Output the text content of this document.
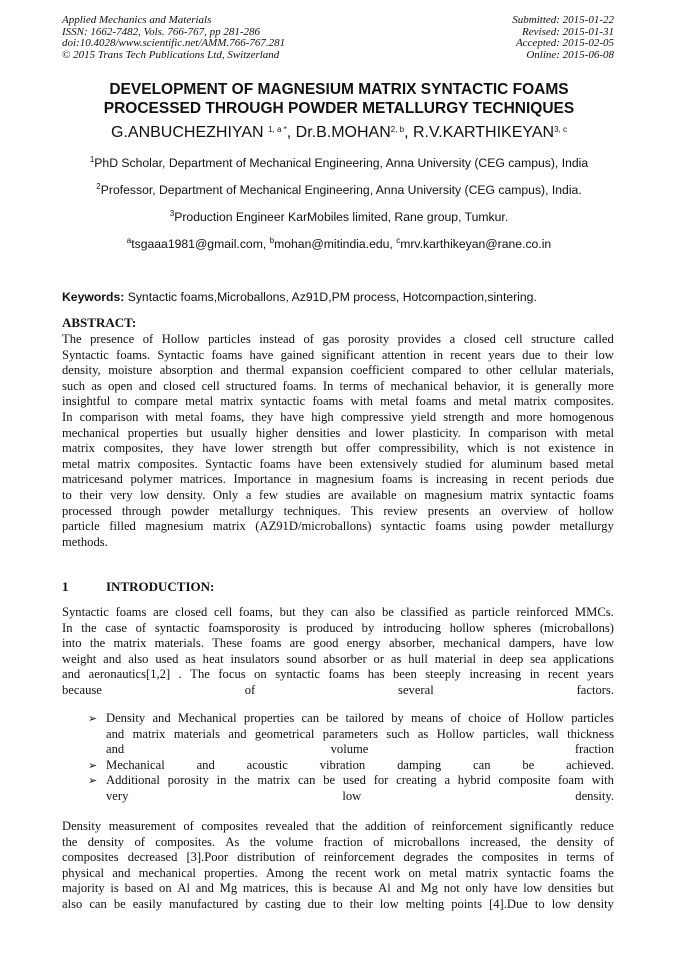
Applied Mechanics and Materials
ISSN: 1662-7482, Vols. 766-767, pp 281-286
doi:10.4028/www.scientific.net/AMM.766-767.281
© 2015 Trans Tech Publications Ltd, Switzerland
Submitted: 2015-01-22
Revised: 2015-01-31
Accepted: 2015-02-05
Online: 2015-06-08
DEVELOPMENT OF MAGNESIUM MATRIX SYNTACTIC FOAMS
PROCESSED THROUGH POWDER METALLURGY TECHNIQUES
G.ANBUCHEZHIYAN $^{1, a *}$, Dr.B.MOHAN$^{2, b}$, R.V.KARTHIKEYAN$^{3, c}$
$^1$PhD Scholar, Department of Mechanical Engineering, Anna University (CEG campus), India
$^2$Professor, Department of Mechanical Engineering, Anna University (CEG campus), India.
$^3$Production Engineer KarMobiles limited, Rane group, Tumkur.
$^a$tsgaaa1981@gmail.com, $^b$mohan@mitindia.edu, $^c$mrv.karthikeyan@rane.co.in
Keywords: Syntactic foams,Microballons, Az91D,PM process, Hotcompaction,sintering.
ABSTRACT:
The presence of Hollow particles instead of gas porosity provides a closed cell structure called
Syntactic foams. Syntactic foams have gained significant attention in recent years due to their low
density, moisture absorption and thermal expansion coefficient compared to other cellular materials,
such as open and closed cell structured foams. In terms of mechanical behavior, it is generally more
insightful to compare metal matrix syntactic foams with metal foams and metal matrix composites.
In comparison with metal foams, they have high compressive yield strength and more homogenous
mechanical properties but usually higher densities and lower plasticity. In comparison with metal
matrix composites, they have lower strength but offer compressibility, which is not existence in
metal matrix composites. Syntactic foams have been extensively studied for aluminum based metal
matricesand polymer matrices. Importance in magnesium foams is increasing in recent periods due
to their very low density. Only a few studies are available on magnesium matrix syntactic foams
processed through powder metallurgy techniques. This review presents an overview of hollow
particle filled magnesium matrix (AZ91D/microballons) syntactic foams using powder metallurgy
methods.
1	INTRODUCTION:
Syntactic foams are closed cell foams, but they can also be classified as particle reinforced MMCs.
In the case of syntactic foamsporosity is produced by introducing hollow spheres (microballons)
into the matrix materials. These foams are good energy absorber, mechanical dampers, have low
weight and also used as heat insulators sound absorber or as hull material in deep sea applications
and aeronautics[1,2] . The focus on syntactic foams has been steeply increasing in recent years
because of several factors.
➢ Density and Mechanical properties can be tailored by means of choice of Hollow particles
and matrix materials and geometrical parameters such as Hollow particles, wall thickness
and volume fraction
➢ Mechanical and acoustic vibration damping can be achieved.
➢ Additional porosity in the matrix can be used for creating a hybrid composite foam with
very low density.
Density measurement of composites revealed that the addition of reinforcement significantly reduce
the density of composites. As the volume fraction of microballons increased, the density of
composites decreased [3].Poor distribution of reinforcement degrades the composites in terms of
physical and mechanical properties. Among the recent work on metal matrix syntactic foams the
majority is based on Al and Mg matrices, this is because Al and Mg not only have low densities but
also can be easily manufactured by casting due to their low melting points [4].Due to low density
